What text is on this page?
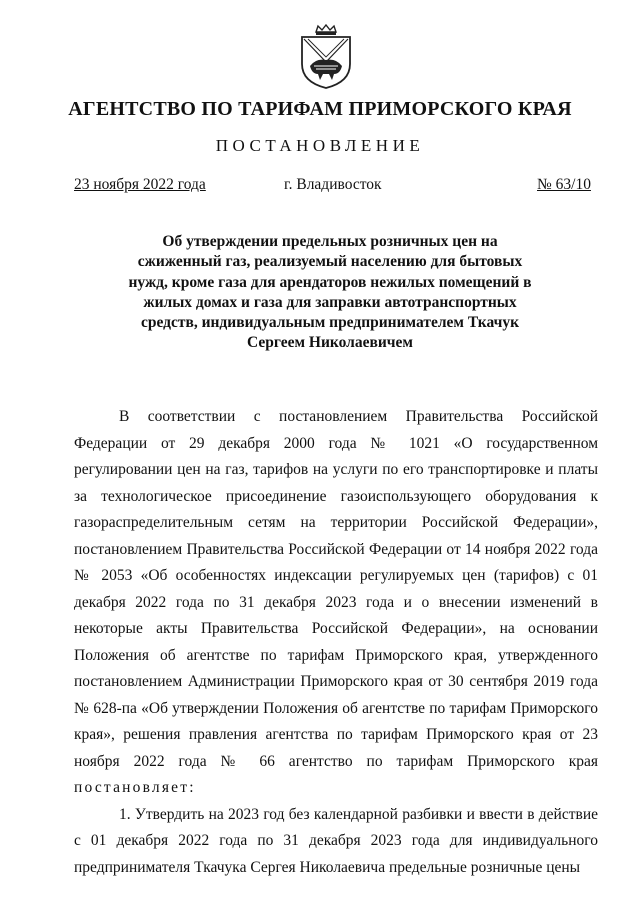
АГЕНТСТВО ПО ТАРИФАМ ПРИМОРСКОГО КРАЯ
ПОСТАНОВЛЕНИЕ
23 ноября 2022 года	г. Владивосток	№ 63/10
Об утверждении предельных розничных цен на сжиженный газ, реализуемый населению для бытовых нужд, кроме газа для арендаторов нежилых помещений в жилых домах и газа для заправки автотранспортных средств, индивидуальным предпринимателем Ткачук Сергеем Николаевичем

В соответствии с постановлением Правительства Российской Федерации от 29 декабря 2000 года № 1021 «О государственном регулировании цен на газ, тарифов на услуги по его транспортировке и платы за технологическое присоединение газоиспользующего оборудования к газораспределительным сетям на территории Российской Федерации», постановлением Правительства Российской Федерации от 14 ноября 2022 года № 2053 «Об особенностях индексации регулируемых цен (тарифов) с 01 декабря 2022 года по 31 декабря 2023 года и о внесении изменений в некоторые акты Правительства Российской Федерации», на основании Положения об агентстве по тарифам Приморского края, утвержденного постановлением Администрации Приморского края от 30 сентября 2019 года № 628-па «Об утверждении Положения об агентстве по тарифам Приморского края», решения правления агентства по тарифам Приморского края от 23 ноября 2022 года № 66 агентство по тарифам Приморского края постановляет:

1. Утвердить на 2023 год без календарной разбивки и ввести в действие с 01 декабря 2022 года по 31 декабря 2023 года для индивидуального предпринимателя Ткачука Сергея Николаевича предельные розничные цены
